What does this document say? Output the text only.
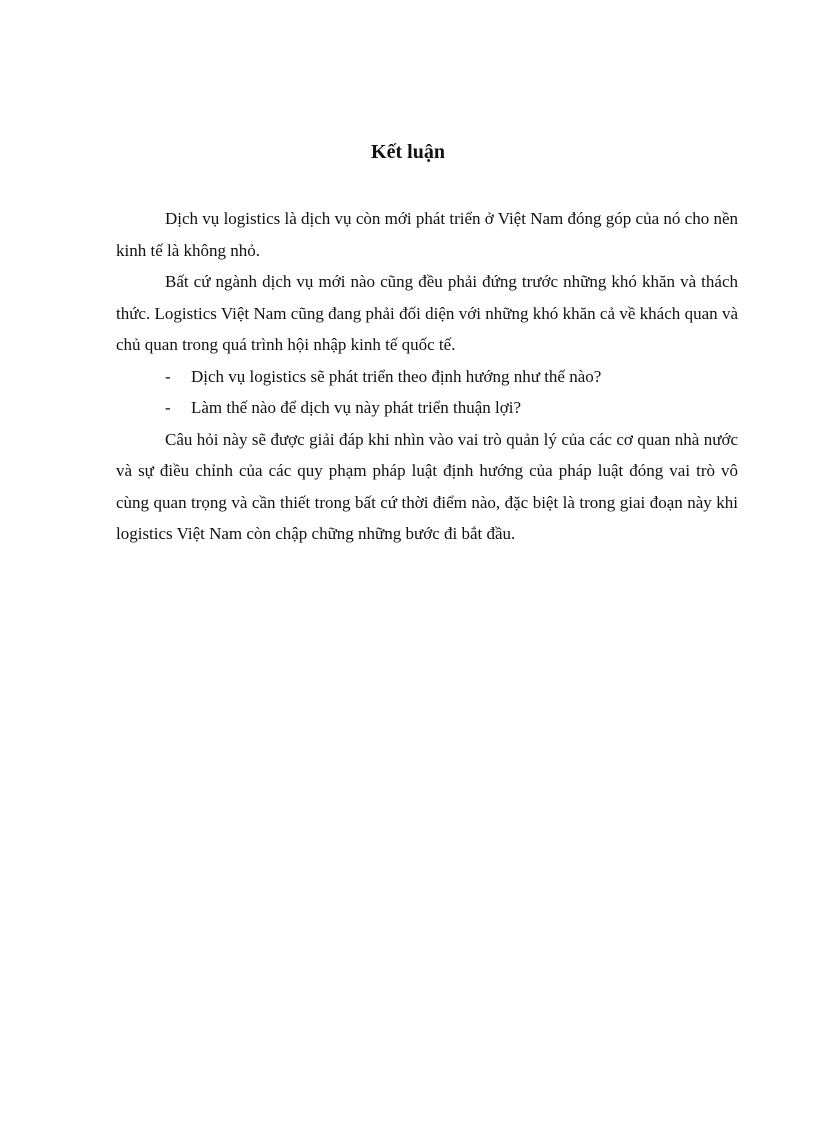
Kết luận

Dịch vụ logistics là dịch vụ còn mới phát triển ở Việt Nam đóng góp của nó cho nền kinh tế là không nhỏ.

Bất cứ ngành dịch vụ mới nào cũng đều phải đứng trước những khó khăn và thách thức. Logistics Việt Nam cũng đang phải đối diện với những khó khăn cả về khách quan và chủ quan trong quá trình hội nhập kinh tế quốc tế.

-	Dịch vụ logistics sẽ phát triển theo định hướng như thế nào?
-	Làm thế nào để dịch vụ này phát triển thuận lợi?

Câu hỏi này sẽ được giải đáp khi nhìn vào vai trò quản lý của các cơ quan nhà nước và sự điều chỉnh của các quy phạm pháp luật định hướng của pháp luật đóng vai trò vô cùng quan trọng và cần thiết trong bất cứ thời điểm nào, đặc biệt là trong giai đoạn này khi logistics Việt Nam còn chập chững những bước đi bắt đầu.
